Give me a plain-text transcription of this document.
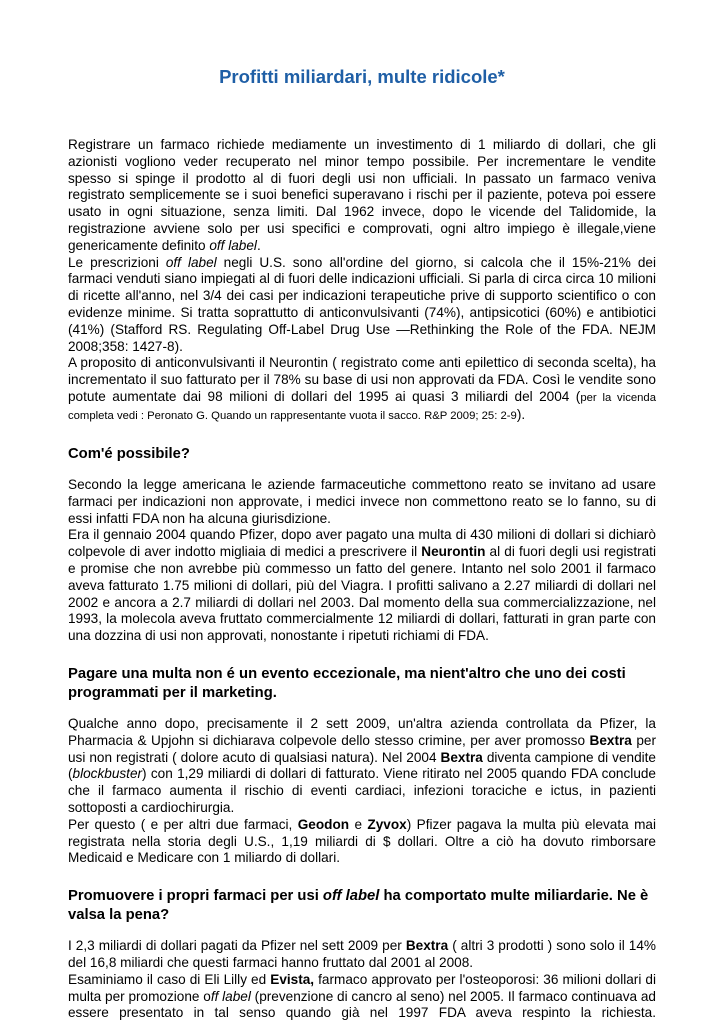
Profitti miliardari, multe ridicole*

Registrare un farmaco richiede mediamente un investimento di 1 miliardo di dollari, che gli azionisti vogliono veder recuperato nel minor tempo possibile. Per incrementare le vendite spesso si spinge il prodotto al di fuori degli usi non ufficiali. In passato un farmaco veniva registrato semplicemente se i suoi benefici superavano i rischi per il paziente, poteva poi essere usato in ogni situazione, senza limiti. Dal 1962 invece, dopo le vicende del Talidomide, la registrazione avviene solo per usi specifici e comprovati, ogni altro impiego è illegale,viene genericamente definito off label.

Le prescrizioni off label negli U.S. sono all'ordine del giorno, si calcola che il 15%-21% dei farmaci venduti siano impiegati al di fuori delle indicazioni ufficiali. Si parla di circa circa 10 milioni di ricette all'anno, nel 3/4 dei casi per indicazioni terapeutiche prive di supporto scientifico o con evidenze minime. Si tratta soprattutto di anticonvulsivanti (74%), antipsicotici (60%) e antibiotici (41%) (Stafford RS. Regulating Off-Label Drug Use —Rethinking the Role of the FDA. NEJM 2008;358: 1427-8).

A proposito di anticonvulsivanti il Neurontin ( registrato come anti epilettico di seconda scelta), ha incrementato il suo fatturato per il 78% su base di usi non approvati da FDA. Così le vendite sono potute aumentate dai 98 milioni di dollari del 1995 ai quasi 3 miliardi del 2004 (per la vicenda completa vedi : Peronato G. Quando un rappresentante vuota il sacco. R&P 2009; 25: 2-9).

Com'é possibile?

Secondo la legge americana le aziende farmaceutiche commettono reato se invitano ad usare farmaci per indicazioni non approvate, i medici invece non commettono reato se lo fanno, su di essi infatti FDA non ha alcuna giurisdizione.

Era il gennaio 2004 quando Pfizer, dopo aver pagato una multa di 430 milioni di dollari si dichiarò colpevole di aver indotto migliaia di medici a prescrivere il Neurontin al di fuori degli usi registrati e promise che non avrebbe più commesso un fatto del genere. Intanto nel solo 2001 il farmaco aveva fatturato 1.75 milioni di dollari, più del Viagra. I profitti salivano a 2.27 miliardi di dollari nel 2002 e ancora a 2.7 miliardi di dollari nel 2003. Dal momento della sua commercializzazione, nel 1993, la molecola aveva fruttato commercialmente 12 miliardi di dollari, fatturati in gran parte con una dozzina di usi non approvati, nonostante i ripetuti richiami di FDA.

Pagare una multa non é un evento eccezionale, ma nient'altro che uno dei costi programmati per il marketing.

Qualche anno dopo, precisamente il 2 sett 2009, un'altra azienda controllata da Pfizer, la Pharmacia & Upjohn si dichiarava colpevole dello stesso crimine, per aver promosso Bextra per usi non registrati ( dolore acuto di qualsiasi natura). Nel 2004 Bextra diventa campione di vendite (blockbuster) con 1,29 miliardi di dollari di fatturato. Viene ritirato nel 2005 quando FDA conclude che il farmaco aumenta il rischio di eventi cardiaci, infezioni toraciche e ictus, in pazienti sottoposti a cardiochirurgia.

Per questo ( e per altri due farmaci, Geodon e Zyvox) Pfizer pagava la multa più elevata mai registrata nella storia degli U.S., 1,19 miliardi di $ dollari. Oltre a ciò ha dovuto rimborsare Medicaid e Medicare con 1 miliardo di dollari.

Promuovere i propri farmaci per usi off label ha comportato multe miliardarie. Ne è valsa la pena?

I 2,3 miliardi di dollari pagati da Pfizer nel sett 2009 per Bextra ( altri 3 prodotti ) sono solo il 14% del 16,8 miliardi che questi farmaci hanno fruttato dal 2001 al 2008.

Esaminiamo il caso di Eli Lilly ed Evista, farmaco approvato per l'osteoporosi: 36 milioni dollari di multa per promozione off label (prevenzione di cancro al seno) nel 2005. Il farmaco continuava ad essere presentato in tal senso quando già nel 1997 FDA aveva respinto la richiesta.
